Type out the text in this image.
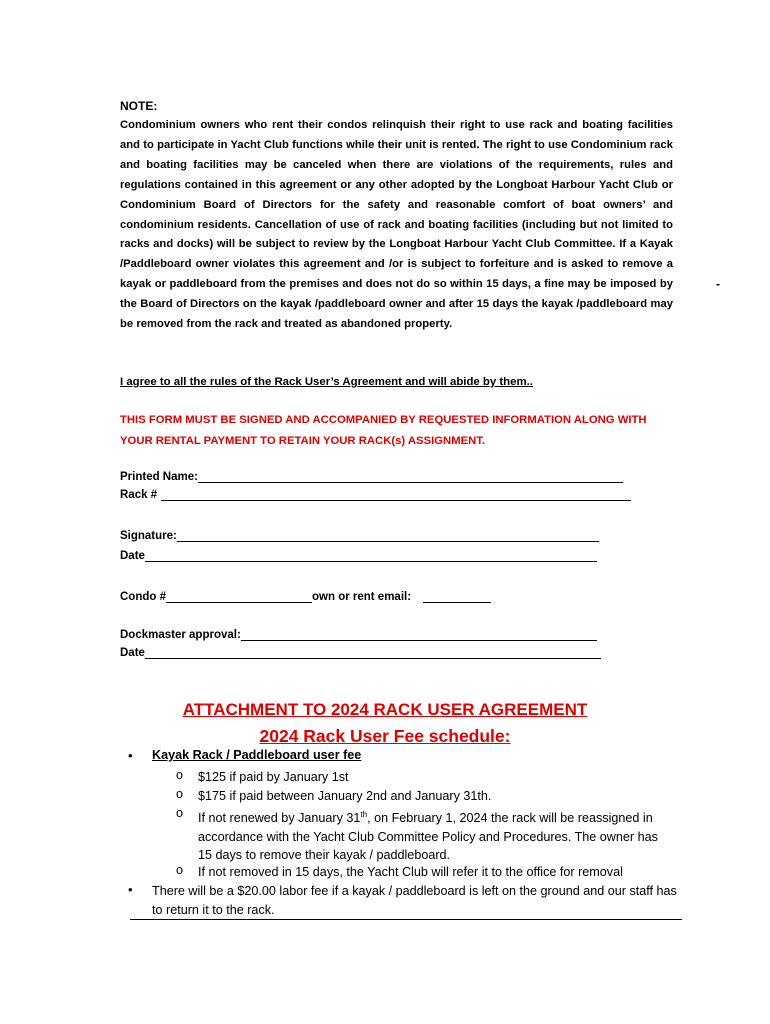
NOTE:

Condominium owners who rent their condos relinquish their right to use rack and boating facilities and to participate in Yacht Club functions while their unit is rented. The right to use Condominium rack and boating facilities may be canceled when there are violations of the requirements, rules and regulations contained in this agreement or any other adopted by the Longboat Harbour Yacht Club or Condominium Board of Directors for the safety and reasonable comfort of boat owners’ and condominium residents. Cancellation of use of rack and boating facilities (including but not limited to racks and docks) will be subject to review by the Longboat Harbour Yacht Club Committee. If a Kayak /Paddleboard owner violates this agreement and /or is subject to forfeiture and is asked to remove a kayak or paddleboard from the premises and does not do so within 15 days, a fine may be imposed by the Board of Directors on the kayak /paddleboard owner and after 15 days the kayak /paddleboard may be removed from the rack and treated as abandoned property.

-
I agree to all the rules of the Rack User’s Agreement and will abide by them..
THIS FORM MUST BE SIGNED AND ACCOMPANIED BY REQUESTED INFORMATION ALONG WITH YOUR RENTAL PAYMENT TO RETAIN YOUR RACK(s) ASSIGNMENT.
Printed Name:
Rack #
Signature:
Date
Condo #	own or rent email:
Dockmaster approval:
Date
ATTACHMENT TO 2024 RACK USER AGREEMENT
2024 Rack User Fee schedule:
•	Kayak Rack / Paddleboard user fee
o	$125 if paid by January 1st
o	$175 if paid between January 2nd and January 31th.
o	If not renewed by January 31th, on February 1, 2024 the rack will be reassigned in accordance with the Yacht Club Committee Policy and Procedures. The owner has 15 days to remove their kayak / paddleboard.
o	If not removed in 15 days, the Yacht Club will refer it to the office for removal
•	There will be a $20.00 labor fee if a kayak / paddleboard is left on the ground and our staff has to return it to the rack.
